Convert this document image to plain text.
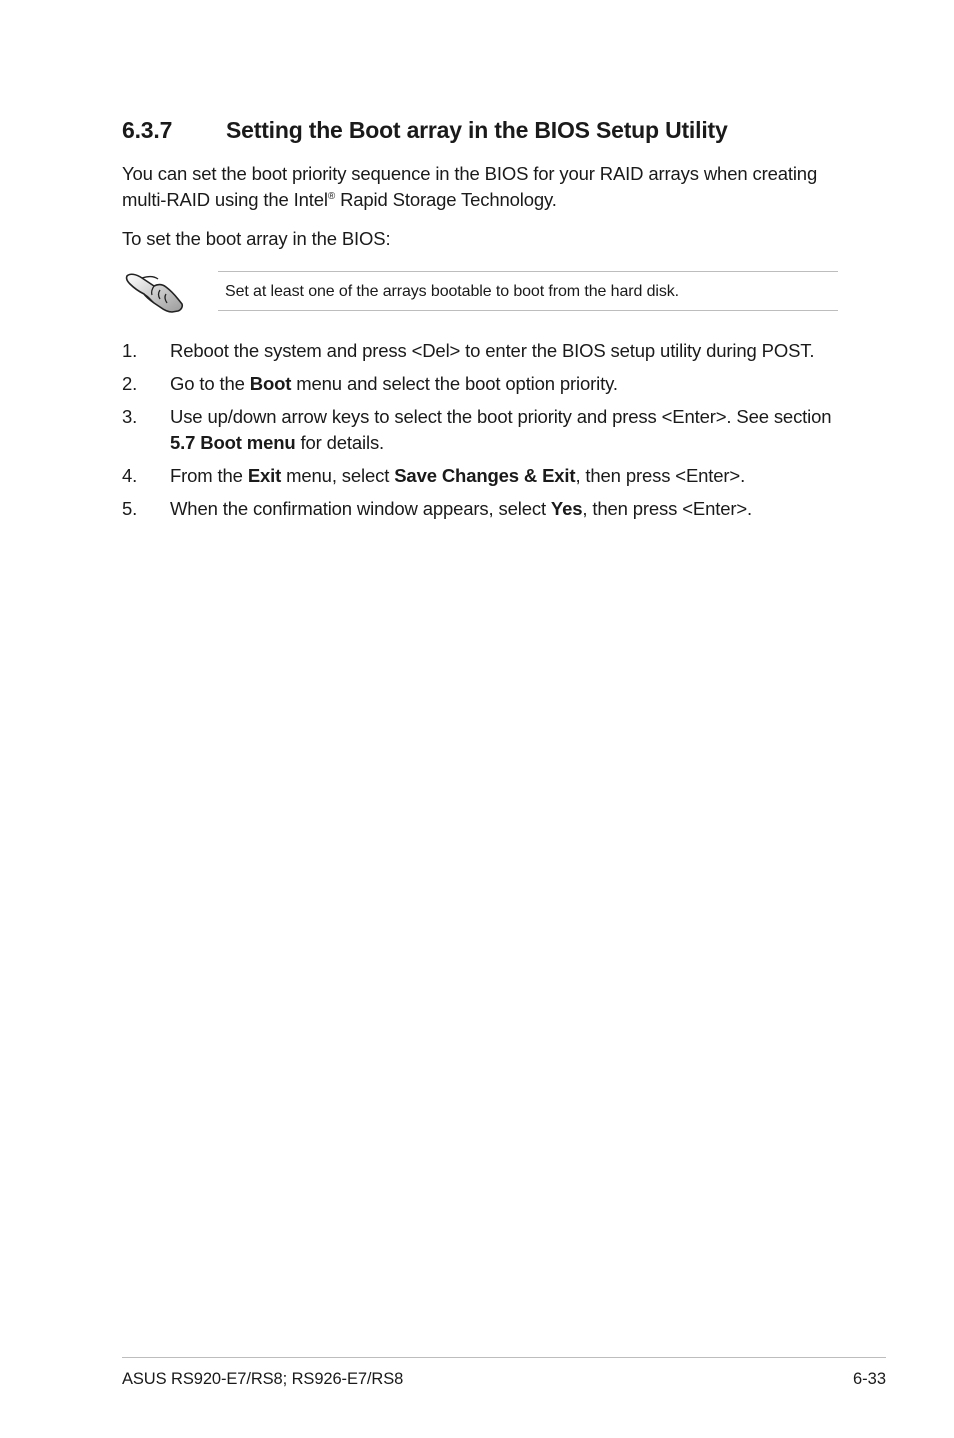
6.3.7 Setting the Boot array in the BIOS Setup Utility
You can set the boot priority sequence in the BIOS for your RAID arrays when creating multi-RAID using the Intel® Rapid Storage Technology.
To set the boot array in the BIOS:
Set at least one of the arrays bootable to boot from the hard disk.
1.	Reboot the system and press <Del> to enter the BIOS setup utility during POST.
2.	Go to the Boot menu and select the boot option priority.
3.	Use up/down arrow keys to select the boot priority and press <Enter>. See section 5.7 Boot menu for details.
4.	From the Exit menu, select Save Changes & Exit, then press <Enter>.
5.	When the confirmation window appears, select Yes, then press <Enter>.
ASUS RS920-E7/RS8; RS926-E7/RS8	6-33
